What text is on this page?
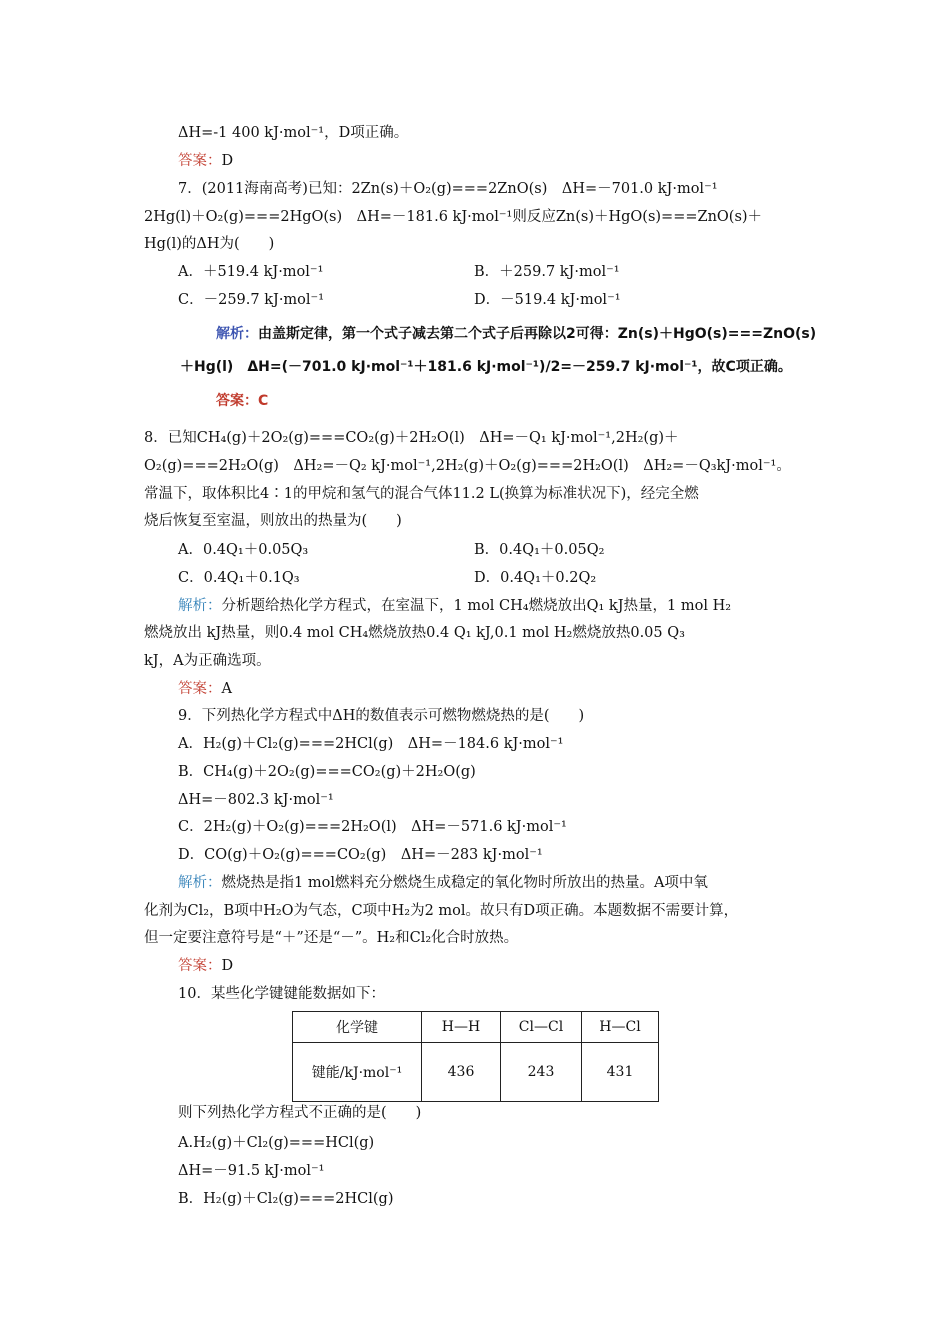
ΔH=-1 400 kJ·mol⁻¹，D项正确。
答案：D
7．(2011海南高考)已知：2Zn(s)＋O₂(g)===2ZnO(s)　ΔH=－701.0 kJ·mol⁻¹
2Hg(l)＋O₂(g)===2HgO(s)　ΔH=－181.6 kJ·mol⁻¹则反应Zn(s)＋HgO(s)===ZnO(s)＋
Hg(l)的ΔH为(　　)
A．＋519.4 kJ·mol⁻¹	B．＋259.7 kJ·mol⁻¹
C．－259.7 kJ·mol⁻¹	D．－519.4 kJ·mol⁻¹
解析：由盖斯定律，第一个式子减去第二个式子后再除以2可得：Zn(s)＋HgO(s)===ZnO(s)
＋Hg(l)　ΔH=(－701.0 kJ·mol⁻¹＋181.6 kJ·mol⁻¹)/2=－259.7 kJ·mol⁻¹，故C项正确。
答案：C
8．已知CH₄(g)＋2O₂(g)===CO₂(g)＋2H₂O(l)　ΔH=－Q₁ kJ·mol⁻¹,2H₂(g)＋
O₂(g)===2H₂O(g)　ΔH₂=－Q₂ kJ·mol⁻¹,2H₂(g)＋O₂(g)===2H₂O(l)　ΔH₂=－Q₃kJ·mol⁻¹。
常温下，取体积比4∶1的甲烷和氢气的混合气体11.2 L(换算为标准状况下)，经完全燃
烧后恢复至室温，则放出的热量为(　　)
A．0.4Q₁＋0.05Q₃	B．0.4Q₁＋0.05Q₂
C．0.4Q₁＋0.1Q₃	D．0.4Q₁＋0.2Q₂
解析：分析题给热化学方程式，在室温下，1 mol CH₄燃烧放出Q₁ kJ热量，1 mol H₂
燃烧放出 kJ热量，则0.4 mol CH₄燃烧放热0.4 Q₁ kJ,0.1 mol H₂燃烧放热0.05 Q₃
kJ，A为正确选项。
答案：A
9．下列热化学方程式中ΔH的数值表示可燃物燃烧热的是(　　)
A．H₂(g)＋Cl₂(g)===2HCl(g)　ΔH=－184.6 kJ·mol⁻¹
B．CH₄(g)＋2O₂(g)===CO₂(g)＋2H₂O(g)
ΔH=－802.3 kJ·mol⁻¹
C．2H₂(g)＋O₂(g)===2H₂O(l)　ΔH=－571.6 kJ·mol⁻¹
D．CO(g)＋O₂(g)===CO₂(g)　ΔH=－283 kJ·mol⁻¹
解析：燃烧热是指1 mol燃料充分燃烧生成稳定的氧化物时所放出的热量。A项中氧
化剂为Cl₂，B项中H₂O为气态，C项中H₂为2 mol。故只有D项正确。本题数据不需要计算，
但一定要注意符号是“＋”还是“－”。H₂和Cl₂化合时放热。
答案：D
10．某些化学键键能数据如下：
化学键	H—H	Cl—Cl	H—Cl
键能/kJ·mol⁻¹	436	243	431
则下列热化学方程式不正确的是(　　)
A.H₂(g)＋Cl₂(g)===HCl(g)
ΔH=－91.5 kJ·mol⁻¹
B．H₂(g)＋Cl₂(g)===2HCl(g)
